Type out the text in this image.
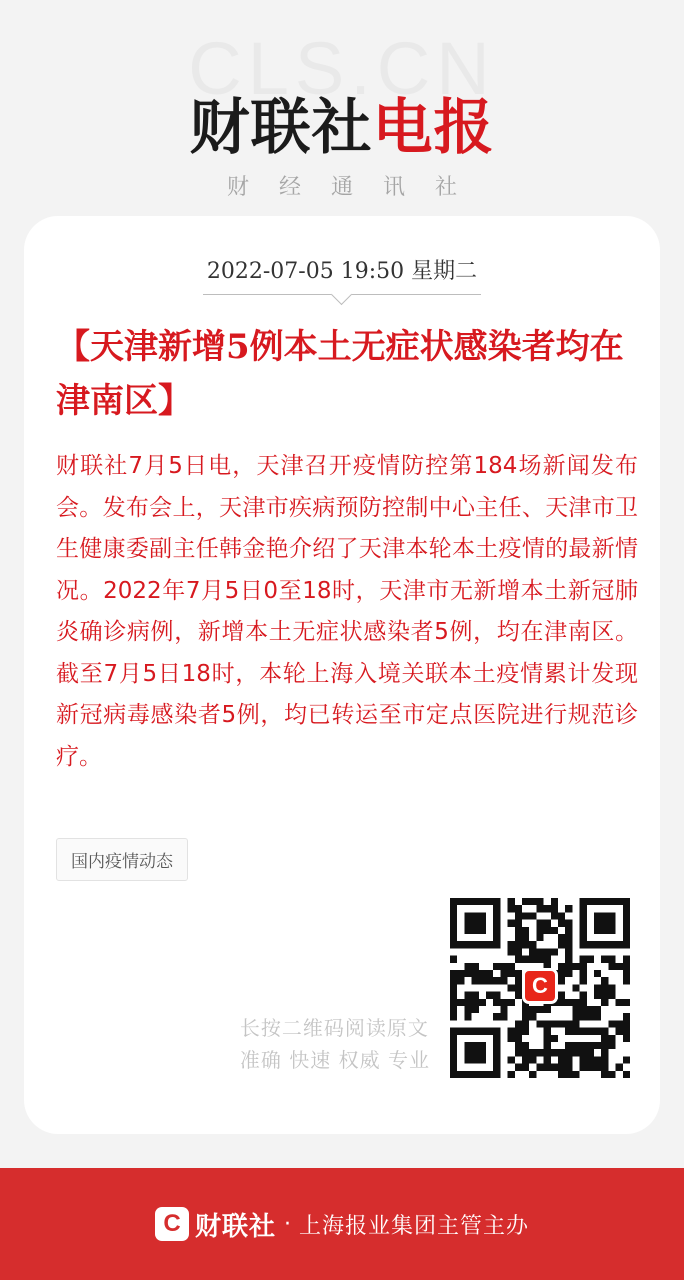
CLS.CN
财联社电报
财经通讯社
2022-07-05 19:50 星期二
【天津新增5例本土无症状感染者均在津南区】
财联社7月5日电，天津召开疫情防控第184场新闻发布会。发布会上，天津市疾病预防控制中心主任、天津市卫生健康委副主任韩金艳介绍了天津本轮本土疫情的最新情况。2022年7月5日0至18时，天津市无新增本土新冠肺炎确诊病例，新增本土无症状感染者5例，均在津南区。截至7月5日18时，本轮上海入境关联本土疫情累计发现新冠病毒感染者5例，均已转运至市定点医院进行规范诊疗。
国内疫情动态
长按二维码阅读原文
准确 快速 权威 专业
C
C 财联社 · 上海报业集团主管主办
